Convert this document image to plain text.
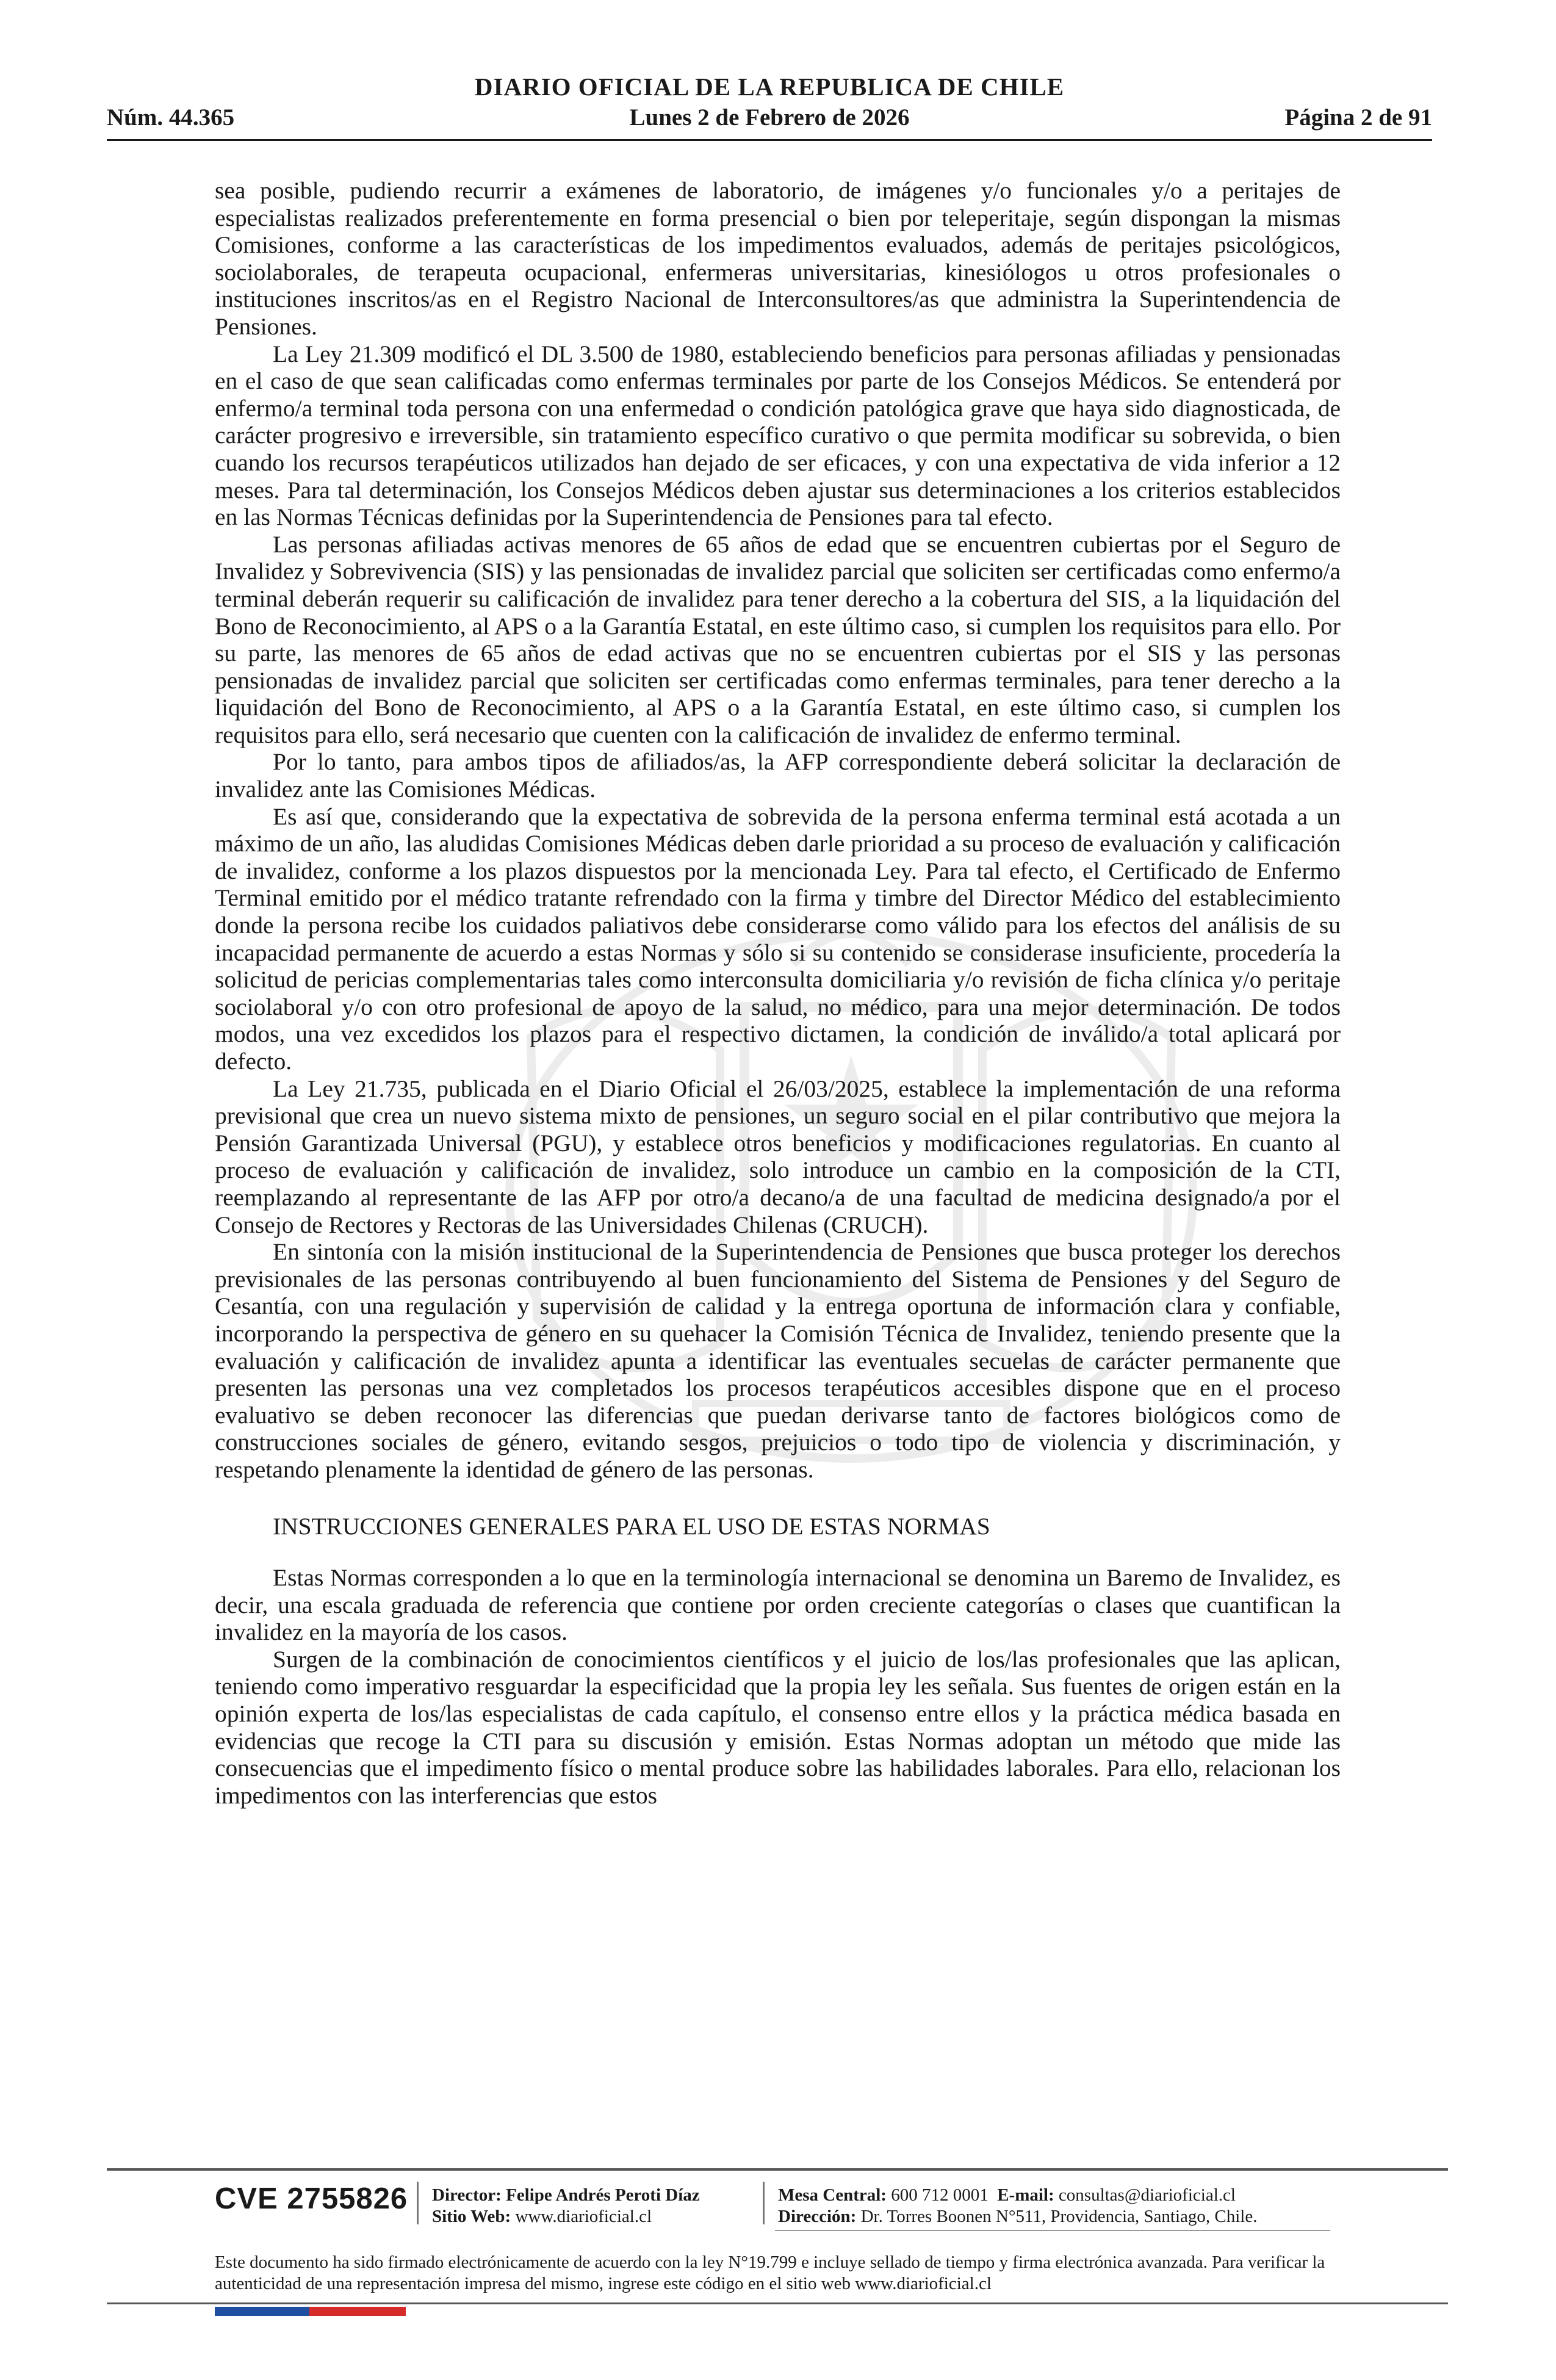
DIARIO OFICIAL DE LA REPUBLICA DE CHILE
Núm. 44.365	Lunes 2 de Febrero de 2026	Página 2 de 91

sea posible, pudiendo recurrir a exámenes de laboratorio, de imágenes y/o funcionales y/o a peritajes de especialistas realizados preferentemente en forma presencial o bien por teleperitaje, según dispongan la mismas Comisiones, conforme a las características de los impedimentos evaluados, además de peritajes psicológicos, sociolaborales, de terapeuta ocupacional, enfermeras universitarias, kinesiólogos u otros profesionales o instituciones inscritos/as en el Registro Nacional de Interconsultores/as que administra la Superintendencia de Pensiones.

La Ley 21.309 modificó el DL 3.500 de 1980, estableciendo beneficios para personas afiliadas y pensionadas en el caso de que sean calificadas como enfermas terminales por parte de los Consejos Médicos. Se entenderá por enfermo/a terminal toda persona con una enfermedad o condición patológica grave que haya sido diagnosticada, de carácter progresivo e irreversible, sin tratamiento específico curativo o que permita modificar su sobrevida, o bien cuando los recursos terapéuticos utilizados han dejado de ser eficaces, y con una expectativa de vida inferior a 12 meses. Para tal determinación, los Consejos Médicos deben ajustar sus determinaciones a los criterios establecidos en las Normas Técnicas definidas por la Superintendencia de Pensiones para tal efecto.

Las personas afiliadas activas menores de 65 años de edad que se encuentren cubiertas por el Seguro de Invalidez y Sobrevivencia (SIS) y las pensionadas de invalidez parcial que soliciten ser certificadas como enfermo/a terminal deberán requerir su calificación de invalidez para tener derecho a la cobertura del SIS, a la liquidación del Bono de Reconocimiento, al APS o a la Garantía Estatal, en este último caso, si cumplen los requisitos para ello. Por su parte, las menores de 65 años de edad activas que no se encuentren cubiertas por el SIS y las personas pensionadas de invalidez parcial que soliciten ser certificadas como enfermas terminales, para tener derecho a la liquidación del Bono de Reconocimiento, al APS o a la Garantía Estatal, en este último caso, si cumplen los requisitos para ello, será necesario que cuenten con la calificación de invalidez de enfermo terminal.

Por lo tanto, para ambos tipos de afiliados/as, la AFP correspondiente deberá solicitar la declaración de invalidez ante las Comisiones Médicas.

Es así que, considerando que la expectativa de sobrevida de la persona enferma terminal está acotada a un máximo de un año, las aludidas Comisiones Médicas deben darle prioridad a su proceso de evaluación y calificación de invalidez, conforme a los plazos dispuestos por la mencionada Ley. Para tal efecto, el Certificado de Enfermo Terminal emitido por el médico tratante refrendado con la firma y timbre del Director Médico del establecimiento donde la persona recibe los cuidados paliativos debe considerarse como válido para los efectos del análisis de su incapacidad permanente de acuerdo a estas Normas y sólo si su contenido se considerase insuficiente, procedería la solicitud de pericias complementarias tales como interconsulta domiciliaria y/o revisión de ficha clínica y/o peritaje sociolaboral y/o con otro profesional de apoyo de la salud, no médico, para una mejor determinación. De todos modos, una vez excedidos los plazos para el respectivo dictamen, la condición de inválido/a total aplicará por defecto.

La Ley 21.735, publicada en el Diario Oficial el 26/03/2025, establece la implementación de una reforma previsional que crea un nuevo sistema mixto de pensiones, un seguro social en el pilar contributivo que mejora la Pensión Garantizada Universal (PGU), y establece otros beneficios y modificaciones regulatorias. En cuanto al proceso de evaluación y calificación de invalidez, solo introduce un cambio en la composición de la CTI, reemplazando al representante de las AFP por otro/a decano/a de una facultad de medicina designado/a por el Consejo de Rectores y Rectoras de las Universidades Chilenas (CRUCH).

En sintonía con la misión institucional de la Superintendencia de Pensiones que busca proteger los derechos previsionales de las personas contribuyendo al buen funcionamiento del Sistema de Pensiones y del Seguro de Cesantía, con una regulación y supervisión de calidad y la entrega oportuna de información clara y confiable, incorporando la perspectiva de género en su quehacer la Comisión Técnica de Invalidez, teniendo presente que la evaluación y calificación de invalidez apunta a identificar las eventuales secuelas de carácter permanente que presenten las personas una vez completados los procesos terapéuticos accesibles dispone que en el proceso evaluativo se deben reconocer las diferencias que puedan derivarse tanto de factores biológicos como de construcciones sociales de género, evitando sesgos, prejuicios o todo tipo de violencia y discriminación, y respetando plenamente la identidad de género de las personas.

INSTRUCCIONES GENERALES PARA EL USO DE ESTAS NORMAS

Estas Normas corresponden a lo que en la terminología internacional se denomina un Baremo de Invalidez, es decir, una escala graduada de referencia que contiene por orden creciente categorías o clases que cuantifican la invalidez en la mayoría de los casos.

Surgen de la combinación de conocimientos científicos y el juicio de los/las profesionales que las aplican, teniendo como imperativo resguardar la especificidad que la propia ley les señala. Sus fuentes de origen están en la opinión experta de los/las especialistas de cada capítulo, el consenso entre ellos y la práctica médica basada en evidencias que recoge la CTI para su discusión y emisión. Estas Normas adoptan un método que mide las consecuencias que el impedimento físico o mental produce sobre las habilidades laborales. Para ello, relacionan los impedimentos con las interferencias que estos

CVE 2755826 Director: Felipe Andrés Peroti Díaz
Sitio Web: www.diarioficial.cl
Mesa Central: 600 712 0001 E-mail: consultas@diarioficial.cl
Dirección: Dr. Torres Boonen N°511, Providencia, Santiago, Chile.
Este documento ha sido firmado electrónicamente de acuerdo con la ley N°19.799 e incluye sellado de tiempo y firma electrónica avanzada. Para verificar la autenticidad de una representación impresa del mismo, ingrese este código en el sitio web www.diarioficial.cl
